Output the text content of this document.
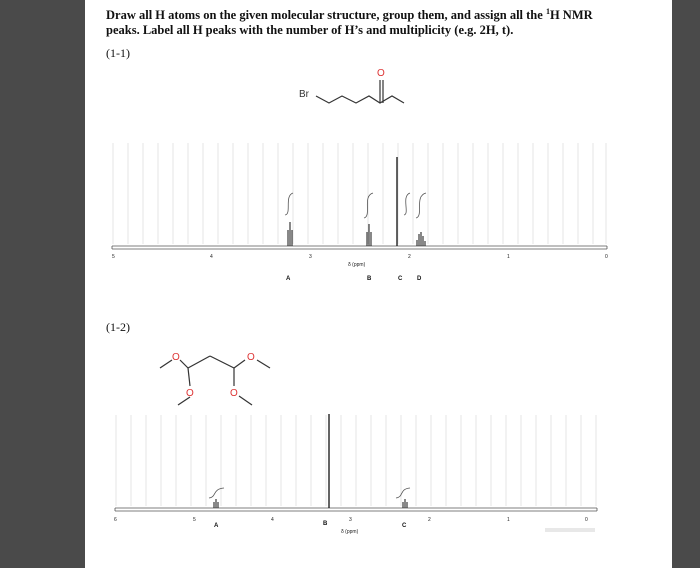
Draw all H atoms on the given molecular structure, group them, and assign all the $^1$H NMR
peaks. Label all H peaks with the number of H’s and multiplicity (e.g. 2H, t).
(1-1)
(1-2)
Br
O
5	4	3	2	1	0
δ (ppm)
A	B	C D
O	O
O	O
6	5	4	3	2	1	0
δ (ppm)
A	B	C
